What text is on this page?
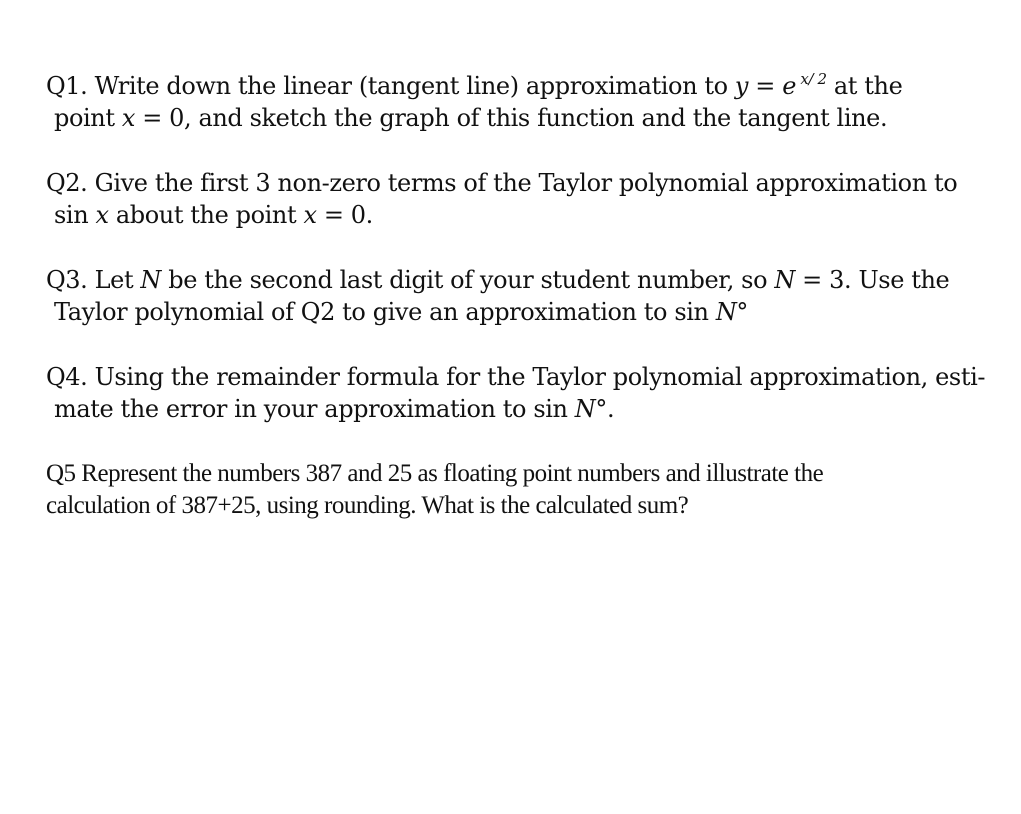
Q1. Write down the linear (tangent line) approximation to y = e $^{x/ 2}$ at the
point x = 0, and sketch the graph of this function and the tangent line.

Q2. Give the first 3 non-zero terms of the Taylor polynomial approximation to
sin x about the point x = 0.

Q3. Let N be the second last digit of your student number, so N = 3. Use the
Taylor polynomial of Q2 to give an approximation to sin N°

Q4. Using the remainder formula for the Taylor polynomial approximation, esti-
mate the error in your approximation to sin N°.

Q5 Represent the numbers 387 and 25 as floating point numbers and illustrate the
calculation of 387+25, using rounding. What is the calculated sum?
